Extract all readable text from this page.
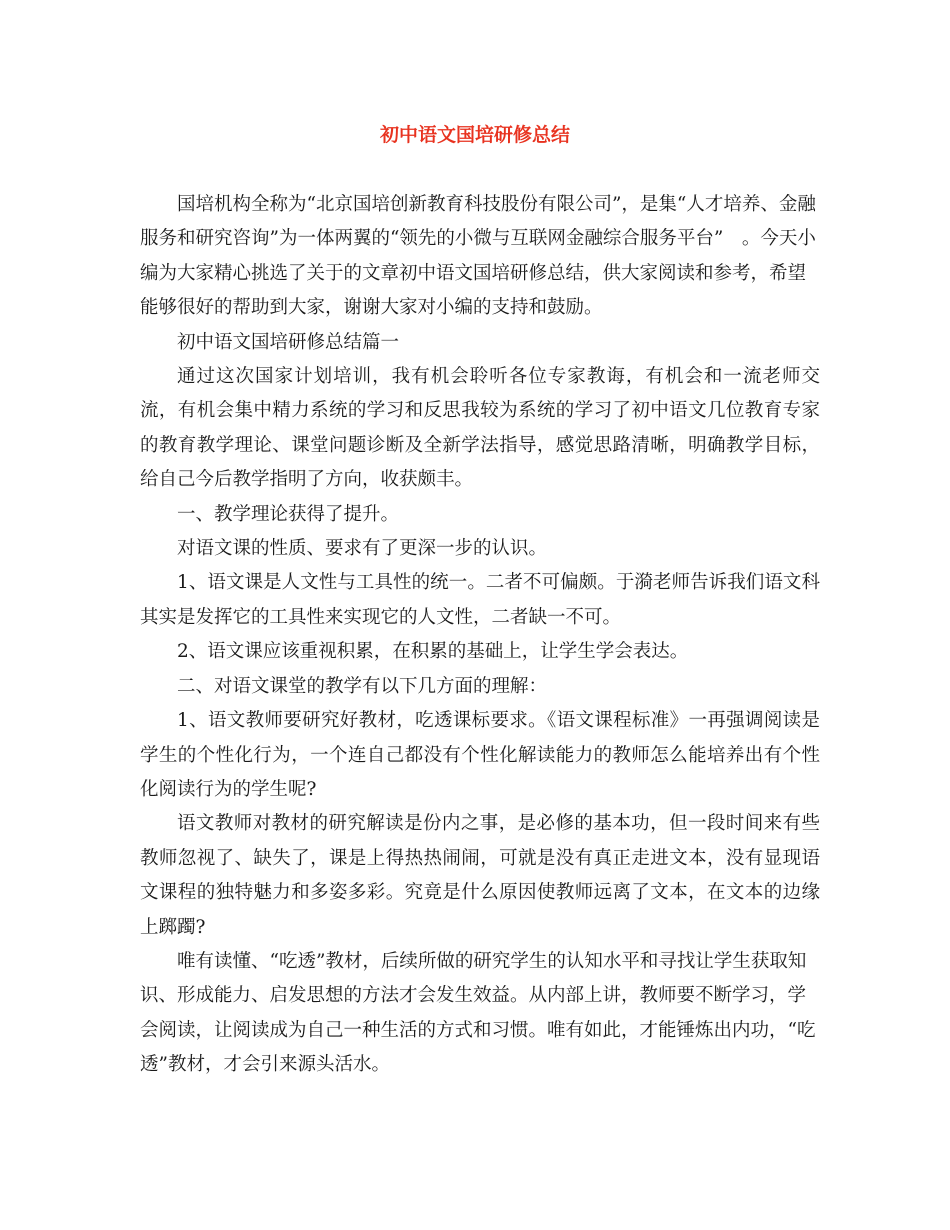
初中语文国培研修总结

国培机构全称为“北京国培创新教育科技股份有限公司”，是集“人才培养、金融服务和研究咨询”为一体两翼的“领先的小微与互联网金融综合服务平台”　。今天小编为大家精心挑选了关于的文章初中语文国培研修总结，供大家阅读和参考，希望能够很好的帮助到大家，谢谢大家对小编的支持和鼓励。

初中语文国培研修总结篇一

通过这次国家计划培训，我有机会聆听各位专家教诲，有机会和一流老师交流，有机会集中精力系统的学习和反思我较为系统的学习了初中语文几位教育专家的教育教学理论、课堂问题诊断及全新学法指导，感觉思路清晰，明确教学目标，给自己今后教学指明了方向，收获颇丰。

一、教学理论获得了提升。

对语文课的性质、要求有了更深一步的认识。

1、语文课是人文性与工具性的统一。二者不可偏颇。于漪老师告诉我们语文科其实是发挥它的工具性来实现它的人文性，二者缺一不可。

2、语文课应该重视积累，在积累的基础上，让学生学会表达。

二、对语文课堂的教学有以下几方面的理解：

1、语文教师要研究好教材，吃透课标要求。《语文课程标准》一再强调阅读是学生的个性化行为，一个连自己都没有个性化解读能力的教师怎么能培养出有个性化阅读行为的学生呢?

语文教师对教材的研究解读是份内之事，是必修的基本功，但一段时间来有些教师忽视了、缺失了，课是上得热热闹闹，可就是没有真正走进文本，没有显现语文课程的独特魅力和多姿多彩。究竟是什么原因使教师远离了文本，在文本的边缘上踯躅?

唯有读懂、“吃透”教材，后续所做的研究学生的认知水平和寻找让学生获取知识、形成能力、启发思想的方法才会发生效益。从内部上讲，教师要不断学习，学会阅读，让阅读成为自己一种生活的方式和习惯。唯有如此，才能锤炼出内功，“吃透”教材，才会引来源头活水。
